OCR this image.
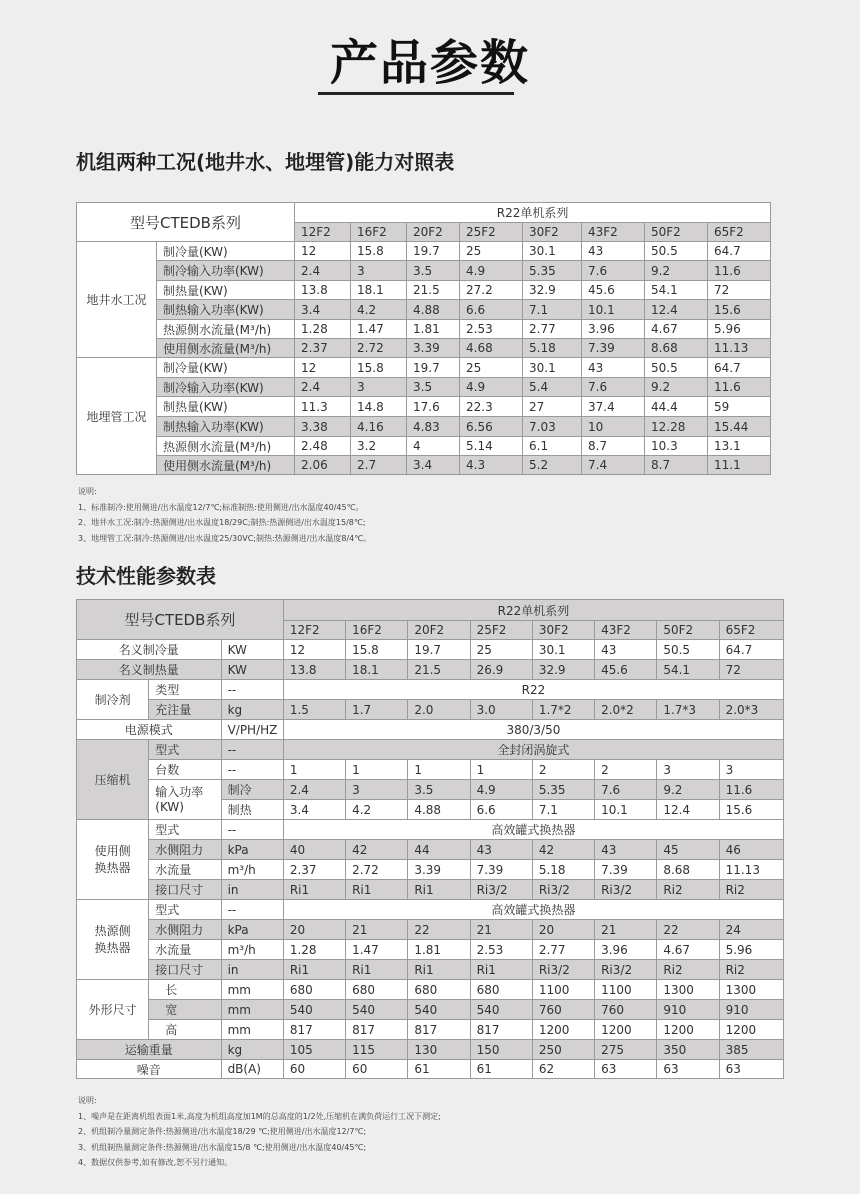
产品参数
机组两种工况(地井水、地埋管)能力对照表
型号CTEDB系列		R22单机系列							
		12F2	16F2	20F2	25F2	30F2	43F2	50F2	65F2
地井水工况	制冷量(KW)	12	15.8	19.7	25	30.1	43	50.5	64.7
	制冷输入功率(KW)	2.4	3	3.5	4.9	5.35	7.6	9.2	11.6
	制热量(KW)	13.8	18.1	21.5	27.2	32.9	45.6	54.1	72
	制热输入功率(KW)	3.4	4.2	4.88	6.6	7.1	10.1	12.4	15.6
	热源侧水流量(M³/h)	1.28	1.47	1.81	2.53	2.77	3.96	4.67	5.96
	使用侧水流量(M³/h)	2.37	2.72	3.39	4.68	5.18	7.39	8.68	11.13
地埋管工况	制冷量(KW)	12	15.8	19.7	25	30.1	43	50.5	64.7
	制冷输入功率(KW)	2.4	3	3.5	4.9	5.4	7.6	9.2	11.6
	制热量(KW)	11.3	14.8	17.6	22.3	27	37.4	44.4	59
	制热输入功率(KW)	3.38	4.16	4.83	6.56	7.03	10	12.28	15.44
	热源侧水流量(M³/h)	2.48	3.2	4	5.14	6.1	8.7	10.3	13.1
	使用侧水流量(M³/h)	2.06	2.7	3.4	4.3	5.2	7.4	8.7	11.1
说明:
1、标准制冷:使用侧进/出水温度12/7℃;标准制热:使用侧进/出水温度40/45℃。
2、地井水工况:制冷:热源侧进/出水温度18/29C;制热:热源侧进/出水温度15/8℃;
3、地埋管工况:制冷:热源侧进/出水温度25/30VC;制热:热源侧进/出水温度8/4℃。
技术性能参数表
型号CTEDB系列			R22单机系列							
			12F2	16F2	20F2	25F2	30F2	43F2	50F2	65F2
名义制冷量		KW	12	15.8	19.7	25	30.1	43	50.5	64.7
名义制热量		KW	13.8	18.1	21.5	26.9	32.9	45.6	54.1	72
制冷剂	类型	--	R22							
	充注量	kg	1.5	1.7	2.0	3.0	1.7*2	2.0*2	1.7*3	2.0*3
电源模式		V/PH/HZ	380/3/50							
压缩机	型式	--	全封闭涡旋式							
	台数	--	1	1	1	1	2	2	3	3
	输入功率(KW)	制冷	2.4	3	3.5	4.9	5.35	7.6	9.2	11.6
		制热	3.4	4.2	4.88	6.6	7.1	10.1	12.4	15.6
使用侧换热器	型式	--	高效罐式换热器							
	水侧阻力	kPa	40	42	44	43	42	43	45	46
	水流量	m³/h	2.37	2.72	3.39	7.39	5.18	7.39	8.68	11.13
	接口尺寸	in	Ri1	Ri1	Ri1	Ri3/2	Ri3/2	Ri3/2	Ri2	Ri2
热源侧换热器	型式	--	高效罐式换热器							
	水侧阻力	kPa	20	21	22	21	20	21	22	24
	水流量	m³/h	1.28	1.47	1.81	2.53	2.77	3.96	4.67	5.96
	接口尺寸	in	Ri1	Ri1	Ri1	Ri1	Ri3/2	Ri3/2	Ri2	Ri2
外形尺寸	长	mm	680	680	680	680	1100	1100	1300	1300
	宽	mm	540	540	540	540	760	760	910	910
	高	mm	817	817	817	817	1200	1200	1200	1200
运输重量		kg	105	115	130	150	250	275	350	385
噪音		dB(A)	60	60	61	61	62	63	63	63
说明:
1、噪声是在距离机组表面1米,高度为机组高度加1M的总高度的1/2处,压缩机在满负荷运行工况下测定;
2、机组制冷量测定条件:热源侧进/出水温度18/29 ℃;使用侧进/出水温度12/7℃;
3、机组制热量测定条件:热源侧进/出水温度15/8 ℃;使用侧进/出水温度40/45℃;
4、数据仅供参考,如有修改,恕不另行通知。
